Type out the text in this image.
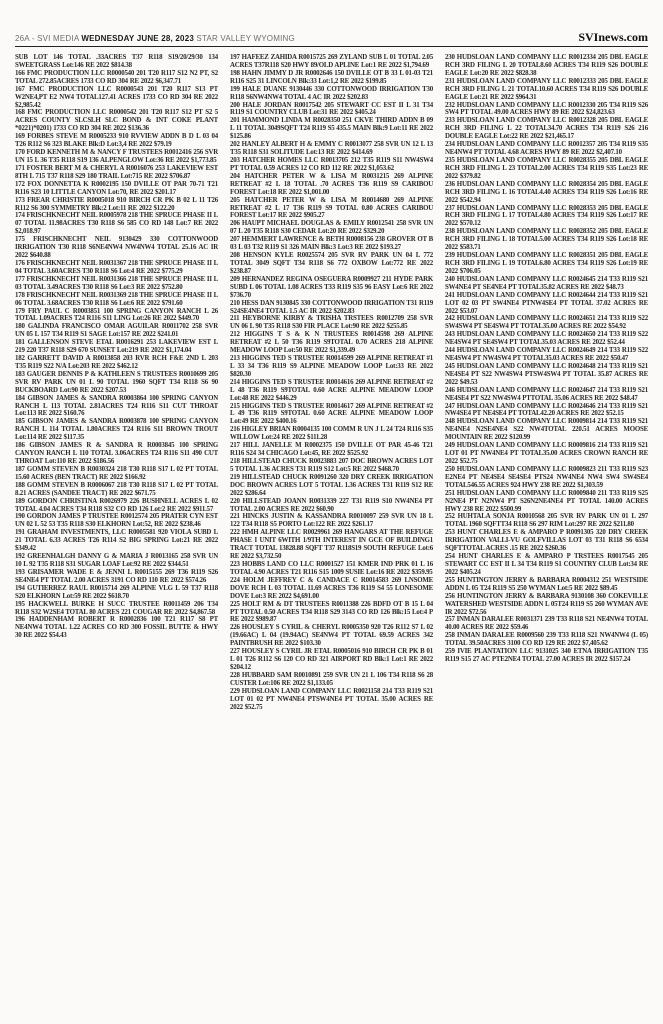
26A - SVI MEDIA WEDNESDAY JUNE 28, 2023 STAR VALLEY WYOMING	SVInews.com

SUB LOT 146 TOTAL .33ACRES T37 R118 S19/20/29/30 134 SWEETGRASS Lot:146 RE 2022 $814.38

166 FMC PRODUCTION LLC R0000540 201 T20 R117 S12 N2 PT, S2 TOTAL 272.85ACRES 1733 CO RD 304 RE 2022 $6,347.71

167 FMC PRODUCTION LLC R0000543 201 T20 R117 S13 PT W2NE4,PT E2 NW4 TOTAL127.41 ACRES 1733 CO RD 304 RE 2022 $2,985.42

168 FMC PRODUCTION LLC R0000542 201 T20 R117 S12 PT S2 5 ACRES COUNTY SLCSLH SLC BOND & INT COKE PLANT *0221)*0201) 1733 CO RD 304 RE 2022 $136.36

169 FORBES STEVE M R0005233 910 RVVIEW ADDN B D L 03 04 T26 R112 S6 323 BLAKE Blk:D Lot:3,4 RE 2022 $79.19

170 FORD KENNETH M & NANCY F TRUSTEES R0012416 256 SVR UN 15 L 36 T35 R118 S19 136 ALPENGLOW Lot:36 RE 2022 $1,773.85

171 FOSTER BERT M & CHERYL A R0016076 253 LAKEVIEW EST 8TH L 715 T37 R118 S29 180 TRAIL Lot:715 RE 2022 $706.87

172 FOX DONNETTA K R0002195 150 DVILLE OT PAR 70-71 T21 R116 S23 10 LITTLE CANYON Lot:70, RE 2022 $201.17

173 FREAR CHRISTIE R0005018 910 BIRCH CR PK B 02 L 11 T26 R112 S6 300 SYMMETRY Blk:2 Lot:11 RE 2022 $122.20

174 FRISCHKNECHT NEIL R0005978 218 THE SPRUCE PHASE II L 07 TOTAL 11.98ACRES T30 R118 S6 585 CO RD 148 Lot:7 RE 2022 $2,018.97

175 FRISCHKNECHT NEIL 9130429 330 COTTONWOOD IRRIGATION T30 R118 S6NE4NW4 NW4NW4 TOTAL 25.16 AC IR 2022 $640.88

176 FRISCHKNECHT NEIL R0031367 218 THE SPRUCE PHASE II L 04 TOTAL 3.60ACRES T30 R118 S6 Lot:4 RE 2022 $775.29

177 FRISCHKNECHT NEIL R0031366 218 THE SPRUCE PHASE II L 03 TOTAL 3.49ACRES T30 R118 S6 Lot:3 RE 2022 $752.80

178 FRISCHKNECHT NEIL R0031369 218 THE SPRUCE PHASE II L 06 TOTAL 3.68ACRES T30 R118 S6 Lot:6 RE 2022 $791.60

179 FRY PAUL C R0003851 100 SPRING CANYON RANCH L 26 TOTAL 1.09ACRES T24 R116 S11 LING Lot:26 RE 2022 $449.70

180 GALINDA FRANCISCO OMAR AGUILAR R0011702 258 SVR UN 05 L 157 T34 R119 S1 SAGE Lot:157 RE 2022 $241.01

181 GALLENSON STEVE ETAL R0016291 253 LAKEVIEW EST L 219 220 T37 R118 S29 670 SUNSET Lot:219 RE 2022 $1,174.04

182 GARRETT DAVID A R0013858 203 RVR RCH F&E 2ND L 203 T35 R119 S22 N/A Lot:203 RE 2022 $462.12

183 GAUGER DENNIS P & KATHLEEN S TRUSTEES R0010699 205 SVR RV PARK UN 01 L 90 TOTAL 1960 SQFT T34 R118 S6 90 BUCKBOARD Lot:90 RE 2022 $207.53

184 GIBSON JAMES & SANDRA R0003864 100 SPRING CANYON RANCH L 113 TOTAL 2.81ACRES T24 R116 S11 CUT THROAT Lot:113 RE 2022 $160.76

185 GIBSON JAMES & SANDRA R0003878 100 SPRING CANYON RANCH L 114 TOTAL 1.80ACRES T24 R116 S11 BROWN TROUT Lot:114 RE 2022 $117.35

186 GIBSON JAMES R & SANDRA R R0003845 100 SPRING CANYON RANCH L 110 TOTAL 3.06ACRES T24 R116 S11 490 CUT THROAT Lot:110 RE 2022 $186.56

187 GOMM STEVEN B R0030324 218 T30 R118 S17 L 02 PT TOTAL 15.60 ACRES (BEN TRACT) RE 2022 $166.92

188 GOMM STEVEN B R0006067 218 T30 R118 S17 L 02 PT TOTAL 8.21 ACRES (SANDEE TRACT) RE 2022 $671.75

189 GORDON CHRISTINA R0026979 226 BUSHNELL ACRES L 02 TOTAL 4.04 ACRES T34 R118 S32 CO RD 126 Lot:2 RE 2022 $911.57

190 GORDON JAMES P TRUSTEE R0012574 205 PRATER CYN EST UN 02 L 52 53 T35 R118 S30 ELKHORN Lot:52, RE 2022 $238.46

191 GRAHAM INVESTMENTS, LLC R0005581 920 VIOLA SUBD L 21 TOTAL 6.33 ACRES T26 R114 S2 BIG SPRING Lot:21 RE 2022 $349.42

192 GREENHALGH DANNY G & MARIA J R0013165 258 SVR UN 10 L 92 T35 R118 S31 SUGAR LOAF Lot:92 RE 2022 $344.51

193 GRISAMER WADE E & JENNI L R0015155 269 T36 R119 S26 SE4NE4 PT TOTAL 2.00 ACRES 3191 CO RD 110 RE 2022 $574.26

194 GUTIERREZ RAUL R0015714 269 ALPINE VLG L 59 T37 R118 S20 ELKHORN Lot:59 RE 2022 $618.70

195 HACKWELL BURKE H SUCC TRUSTEE R0011459 206 T34 R118 S32 W2SE4 TOTAL 80 ACRES 221 COUGAR RE 2022 $4,867.58

196 HADDENHAM ROBERT R R0002836 100 T21 R117 S8 PT NE4NW4 TOTAL 1.22 ACRES CO RD 300 FOSSIL BUTTE & HWY 30 RE 2022 $54.43

197 HAFEEZ ZAHIDA R0015725 269 ZYLAND SUB L 01 TOTAL 2.05 ACRES T37R118 S20 HWY 89/OLD APLINE Lot:1 RE 2022 $1,794.69

198 HAHN JIMMY D JR R0002646 150 DVILLE OT B 33 L 01-03 T21 R116 S25 31 LINCOLN Blk:33 Lot:1,2 RE 2022 $199.85

199 HALE DUANE 9130446 330 COTTONWOOD IRRIGATION T30 R118 S6NW4NW4 TOTAL 4 AC IR 2022 $202.83

200 HALE JORDAN R0017542 205 STEWART CC EST II L 31 T34 R119 S1 COUNTRY CLUB Lot:31 RE 2022 $405.24

201 HAMMOND LINDA M R0028350 251 CKVE THIRD ADDN B 09 L 11 TOTAL 3049SQFT T24 R119 S5 435.5 MAIN Blk:9 Lot:11 RE 2022 $125.86

202 HANLEY ALBERT H & EMMY C R0013077 258 SVR UN 12 L 13 T35 R118 S31 SOLITUDE Lot:13 RE 2022 $414.69

203 HATCHER HOMES LLC R0013705 212 T35 R119 S11 NW4SW4 PT TOTAL 0.59 ACRES 12 CO RD 112 RE 2022 $1,053.62

204 HATCHER PETER W & LISA M R0031215 269 ALPINE RETREAT #2 L 18 TOTAL .70 ACRES T36 R119 S9 CARIBOU FOREST Lot:18 RE 2022 $1,001.00

205 HATCHER PETER W & LISA M R0014680 269 ALPINE RETREAT #2 L 17 T36 R119 S9 TOTAL 0.80 ACRES CARIBOU FOREST Lot:17 RE 2022 $905.27

206 HAUPT MICHAEL DOUGLAS & EMILY R0012541 258 SVR UN 07 L 20 T35 R118 S30 CEDAR Lot:20 RE 2022 $329.20

207 HEMMERT LAWRENCE & BETH R0008156 238 GROVER OT B 03 L 03 T32 R119 S1 326 MAIN Blk:3 Lot:3 RE 2022 $193.27

208 HENSON KYLE R0025574 205 SVR RV PARK UN 04 L 772 TOTAL 3049 SQFT T34 R118 S6 772 OXBOW Lot:772 RE 2022 $238.87

209 HERNANDEZ REGINA OSEGUERA R0009927 211 HYDE PARK SUBD L 06 TOTAL 1.08 ACRES T33 R119 S35 96 EASY Lot:6 RE 2022 $736.70

210 HESS DAN 9130845 330 COTTONWOOD IRRIGATION T31 R119 S24SE4NE4 TOTAL 1.5 AC IR 2022 $202.83

211 HEYBORNE KIRBY & TRISHA TRSTEES R0012709 258 SVR UN 06 L 90 T35 R118 S30 FIR PLACE Lot:90 RE 2022 $255.85

212 HIGGINS T S & K N TRUSTEES R0014598 269 ALPINE RETREAT #2 L 50 T36 R119 S9TOTAL 0.70 ACRES 218 ALPINE MEADOW LOOP Lot:50 RE 2022 $1,339.49

213 HIGGINS TED S TRUSTEE R0014599 269 ALPINE RETREAT #1 L 33 34 T36 R119 S9 ALPINE MEADOW LOOP Lot:33 RE 2022 $820.30

214 HIGGINS TED S TRUSTEE R0014616 269 ALPINE RETREAT #2 L 48 T36 R119 S9TOTAL 0.60 ACRE ALPINE MEADOW LOOP Lot:48 RE 2022 $446.29

215 HIGGINS TED S TRUSTEE R0014617 269 ALPINE RETREAT #2 L 49 T36 R119 S9TOTAL 0.60 ACRE ALPINE MEADOW LOOP Lot:49 RE 2022 $400.16

216 HIGLEY BRIAN R0004135 100 COMM R UN J L 24 T24 R116 S35 WILLOW Lot:24 RE 2022 $111.28

217 HILL JANELLE M R0002375 150 DVILLE OT PAR 45-46 T21 R116 S24 34 CHICAGO Lot:45, RE 2022 $525.92

218 HILLSTEAD CHUCK R0023883 207 DOC BROWN ACRES LOT 5 TOTAL 1.36 ACRES T31 R119 S12 Lot:5 RE 2022 $468.70

219 HILLSTEAD CHUCK R0091260 320 DRY CREEK IRRIGATION DOC BROWN ACRES LOT 5 TOTAL 1.36 ACRES T31 R119 S12 RE 2022 $286.64

220 HILLSTEAD JOANN R0031339 227 T31 R119 S10 NW4NE4 PT TOTAL 2.00 ACRES RE 2022 $60.90

221 HINCKS JUSTIN & KASSANDRA R0010097 259 SVR UN 18 L 122 T34 R118 S5 PORTO Lot:122 RE 2022 $261.17

222 HMH ALPINE LLC R0029961 269 HANGARS AT THE REFUGE PHASE I UNIT 6WITH 1/9TH INTEREST IN GCE OF BUILDING1 TRACT TOTAL 13828.88 SQFT T37 R118S19 SOUTH REFUGE Lot:6 RE 2022 $3,732.50

223 HOBBS LAND CO LLC R0001527 151 KMER IND PRK 01 L 16 TOTAL 4.90 ACRES T21 R116 S15 1009 SUSIE Lot:16 RE 2022 $359.95

224 HOLM JEFFREY C & CANDACE C R0014583 269 LNSOME DOVE RCH L 03 TOTAL 11.69 ACRES T36 R119 S4 55 LONESOME DOVE Lot:3 RE 2022 $4,691.00

225 HOLT RM & DT TRUSTEES R0011388 226 BDFD OT B 15 L 04 PT TOTAL 0.50 ACRES T34 R118 S29 3143 CO RD 126 Blk:15 Lot:4 P RE 2022 $989.87

226 HOUSLEY S CYRIL & CHERYL R0005350 920 T26 R112 S7 L 02 (19.66AC) L 04 (19.94AC) SE4NW4 PT TOTAL 69.59 ACRES 342 PAINTBRUSH RE 2022 $103.30

227 HOUSLEY S CYRIL JR ETAL R0005016 910 BIRCH CR PK B 01 L 01 T26 R112 S6 120 CO RD 321 AIRPORT RD Blk:1 Lot:1 RE 2022 $204.12

228 HUBBARD SAM R0010891 259 SVR UN 21 L 106 T34 R118 S6 28 CUSTER Lot:106 RE 2022 $1,133.05

229 HUDSLOAN LAND COMPANY LLC R0021158 214 T33 R119 S21 LOT 01 02 PT NW4NE4 PTSW4NE4 PT TOTAL 35.00 ACRES RE 2022 $52.75

230 HUDSLOAN LAND COMPANY LLC R0012334 205 DBL EAGLE RCH 3RD FILING L 20 TOTAL8.60 ACRES T34 R119 S26 DOUBLE EAGLE Lot:20 RE 2022 $828.38

231 HUDSLOAN LAND COMPANY LLC R0012333 205 DBL EAGLE RCH 3RD FILING L 21 TOTAL10.60 ACRES T34 R119 S26 DOUBLE EAGLE Lot:21 RE 2022 $964.31

232 HUDSLOAN LAND COMPANY LLC R0012330 205 T34 R119 S26 SW4 PT TOTAL 49.00 ACRES HWY 89 RE 2022 $24,823.63

233 HUDSLOAN LAND COMPANY LLC R0012328 205 DBL EAGLE RCH 3RD FILING L 22 TOTAL34.70 ACRES T34 R119 S26 216 DOUBLE EAGLE Lot:22 RE 2022 $21,465.17

234 HUDSLOAN LAND COMPANY LLC R0012357 205 T34 R119 S35 NE4NW4 PT TOTAL 4.68 ACRES HWY 89 RE 2022 $2,407.10

235 HUDSLOAN LAND COMPANY LLC R0028355 205 DBL EAGLE RCH 3RD FILING L 23 TOTAL2.00 ACRES T34 R119 S35 Lot:23 RE 2022 $379.82

236 HUDSLOAN LAND COMPANY LLC R0028354 205 DBL EAGLE RCH 3RD FILING L 16 TOTAL4.40 ACRES T34 R119 S26 Lot:16 RE 2022 $542.94

237 HUDSLOAN LAND COMPANY LLC R0028353 205 DBL EAGLE RCH 3RD FILING L 17 TOTAL4.80 ACRES T34 R119 S26 Lot:17 RE 2022 $570.12

238 HUDSLOAN LAND COMPANY LLC R0028352 205 DBL EAGLE RCH 3RD FILING L 18 TOTAL5.00 ACRES T34 R119 S26 Lot:18 RE 2022 $583.71

239 HUDSLOAN LAND COMPANY LLC R0028351 205 DBL EAGLE RCH 3RD FILING L 19 TOTAL6.80 ACRES T34 R119 S26 Lot:19 RE 2022 $706.05

240 HUDSLOAN LAND COMPANY LLC R0024645 214 T33 R119 S21 SW4NE4 PT SE4NE4 PT TOTAL35.82 ACRES RE 2022 $48.73

241 HUDSLOAN LAND COMPANY LLC R0024644 214 T33 R119 S21 LOT 02 03 PT SW4NE4 PTNW4SE4 PT TOTAL 37.02 ACRES RE 2022 $53.07

242 HUDSLOAN LAND COMPANY LLC R0024651 214 T33 R119 S22 SW4SW4 PT SE4SW4 PT TOTAL35.00 ACRES RE 2022 $54.92

243 HUDSLOAN LAND COMPANY LLC R0024650 214 T33 R119 S22 NE4SW4 PT SE4SW4 PT TOTAL35.03 ACRES RE 2022 $52.44

244 HUDSLOAN LAND COMPANY LLC R0024649 214 T33 R119 S22 NE4SW4 PT NW4SW4 PT TOTAL35.03 ACRES RE 2022 $50.47

245 HUDSLOAN LAND COMPANY LLC R0024648 214 T33 R119 S21 NE4SE4 PT S22 NW4SW4 PTSW4SW4 PT TOTAL 35.87 ACRES RE 2022 $49.53

246 HUDSLOAN LAND COMPANY LLC R0024647 214 T33 R119 S21 NE4SE4 PT S22 NW4SW4 PTTOTAL 35.06 ACRES RE 2022 $48.47

247 HUDSLOAN LAND COMPANY LLC R0024646 214 T33 R119 S21 NW4SE4 PT NE4SE4 PT TOTAL42.20 ACRES RE 2022 $52.15

248 HUDSLOAN LAND COMPANY LLC R0009814 214 T33 R119 S21 NE4NE4 N2SE4NE4 S22 NW4TOTAL 220.51 ACRES MOOSE MOUNTAIN RE 2022 $120.99

249 HUDSLOAN LAND COMPANY LLC R0009816 214 T33 R119 S21 LOT 01 PT NW4NE4 PT TOTAL35.00 ACRES CROWN RANCH RE 2022 $52.75

250 HUDSLOAN LAND COMPANY LLC R0009823 211 T33 R119 S23 E2NE4 PT NE4SE4 SE4SE4 PTS24 NW4NE4 NW4 SW4 SW4SE4 TOTAL546.55 ACRES 924 HWY 238 RE 2022 $1,303.59

251 HUDSLOAN LAND COMPANY LLC R0009840 211 T33 R119 S25 N2NE4 PT N2NW4 PT S26N2NE4NE4 PT TOTAL 140.00 ACRES HWY 238 RE 2022 $500.99

252 HUHTALA SONJA R0010568 205 SVR RV PARK UN 01 L 297 TOTAL 1960 SQFTT34 R118 S6 297 RIM Lot:297 RE 2022 $211.80

253 HUNT CHARLES E & AMPARO P R0091305 320 DRY CREEK IRRIGATION VALLI-VU GOLFVILLAS LOT 03 T31 R118 S6 6534 SQFTTOTAL ACRES .15 RE 2022 $260.36

254 HUNT CHARLES E & AMPARO P TRSTEES R0017545 205 STEWART CC EST II L 34 T34 R119 S1 COUNTRY CLUB Lot:34 RE 2022 $405.24

255 HUNTINGTON JERRY & BARBARA R0004312 251 WESTSIDE ADDN L 05 T24 R119 S5 250 WYMAN Lot:5 RE 2022 $89.45

256 HUNTINGTON JERRY & BARBARA 9130108 360 COKEVILLE WATERSHED WESTSIDE ADDN L 05T24 R119 S5 260 WYMAN AVE IR 2022 $72.56

257 INMAN DARALEE R0031371 239 T33 R118 S21 NE4NW4 TOTAL 40.00 ACRES RE 2022 $59.46

258 INMAN DARALEE R0009560 239 T33 R118 S21 NW4NW4 (L 05) TOTAL 39.50ACRES 3100 CO RD 129 RE 2022 $7,405.62

259 IVIE PLANTATION LLC 9131025 340 ETNA IRRIGATION T35 R119 S15 27 AC PTE2NE4 TOTAL 27.00 ACRES IR 2022 $157.24
